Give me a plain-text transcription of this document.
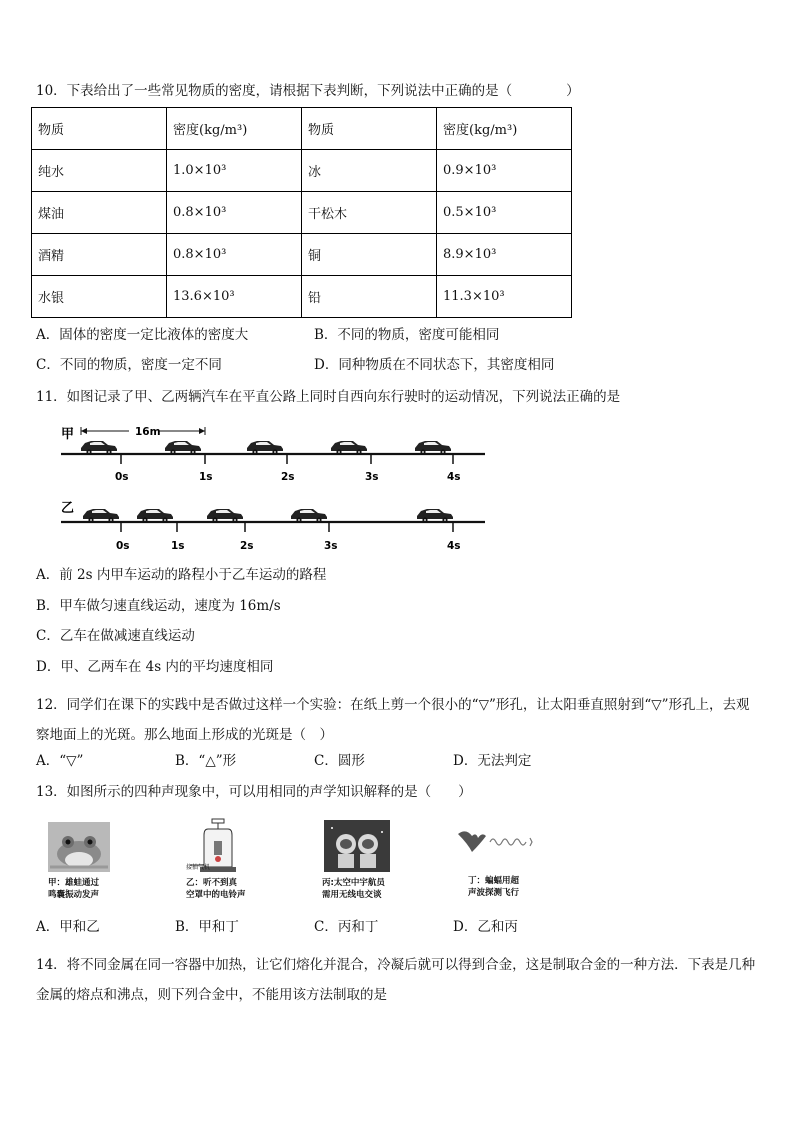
10．下表给出了一些常见物质的密度，请根据下表判断，下列说法中正确的是（　　　　）
物质	密度(kg/m³)	物质	密度(kg/m³)
纯水	1.0×10³	冰	0.9×10³
煤油	0.8×10³	干松木	0.5×10³
酒精	0.8×10³	铜	8.9×10³
水银	13.6×10³	铅	11.3×10³
A．固体的密度一定比液体的密度大	B．不同的物质，密度可能相同
C．不同的物质，密度一定不同	D．同种物质在不同状态下，其密度相同
11．如图记录了甲、乙两辆汽车在平直公路上同时自西向东行驶时的运动情况，下列说法正确的是
甲	16m
0s	1s	2s	3s	4s
乙
0s	1s	2s	3s	4s
A．前 2s 内甲车运动的路程小于乙车运动的路程
B．甲车做匀速直线运动，速度为 16m/s
C．乙车在做减速直线运动
D．甲、乙两车在 4s 内的平均速度相同
12．同学们在课下的实践中是否做过这样一个实验：在纸上剪一个很小的“▽”形孔，让太阳垂直照射到“▽”形孔上，去观察地面上的光斑。那么地面上形成的光斑是（　）
A．“▽”	B．“△”形	C．圆形	D．无法判定
13．如图所示的四种声现象中，可以用相同的声学知识解释的是（　　）
甲：雄蛙通过
鸣囊振动发声
接抽气机
乙：听不到真
空罩中的电铃声
丙:太空中宇航员
需用无线电交谈
丁：蝙蝠用超
声波探测飞行
A．甲和乙	B．甲和丁	C．丙和丁	D．乙和丙
14．将不同金属在同一容器中加热，让它们熔化并混合，冷凝后就可以得到合金，这是制取合金的一种方法．下表是几种金属的熔点和沸点，则下列合金中，不能用该方法制取的是
